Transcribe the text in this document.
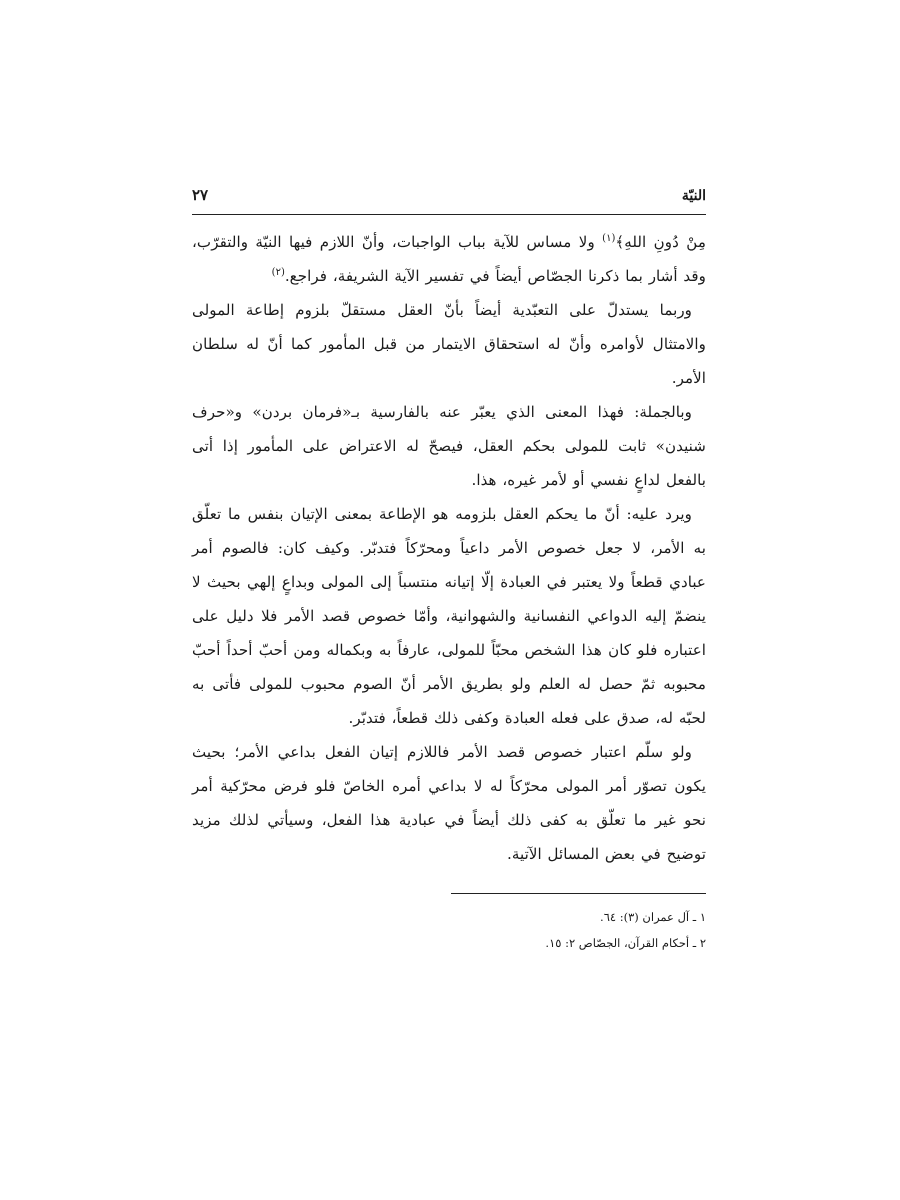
النيّة
٢٧

مِنْ دُونِ اللهِ﴾$^{(١)}$ ولا مساس للآية بباب الواجبات، وأنّ اللازم فيها النيّة والتقرّب، وقد أشار بما ذكرنا الجصّاص أيضاً في تفسير الآية الشريفة، فراجع.$^{(٢)}$

وربما يستدلّ على التعبّدية أيضاً بأنّ العقل مستقلّ بلزوم إطاعة المولى والامتثال لأوامره وأنّ له استحقاق الايتمار من قبل المأمور كما أنّ له سلطان الأمر.

وبالجملة: فهذا المعنى الذي يعبّر عنه بالفارسية بـ«فرمان بردن» و«حرف شنيدن» ثابت للمولى بحكم العقل، فيصحّ له الاعتراض على المأمور إذا أتى بالفعل لداعٍ نفسي أو لأمر غيره، هذا.

ويرد عليه: أنّ ما يحكم العقل بلزومه هو الإطاعة بمعنى الإتيان بنفس ما تعلّق به الأمر، لا جعل خصوص الأمر داعياً ومحرّكاً فتدبّر. وكيف كان: فالصوم أمر عبادي قطعاً ولا يعتبر في العبادة إلّا إتيانه منتسباً إلى المولى وبداعٍ إلهي بحيث لا ينضمّ إليه الدواعي النفسانية والشهوانية، وأمّا خصوص قصد الأمر فلا دليل على اعتباره فلو كان هذا الشخص محبّاً للمولى، عارفاً به وبكماله ومن أحبّ أحداً أحبّ محبوبه ثمّ حصل له العلم ولو بطريق الأمر أنّ الصوم محبوب للمولى فأتى به لحبّه له، صدق على فعله العبادة وكفى ذلك قطعاً، فتدبّر.

ولو سلّم اعتبار خصوص قصد الأمر فاللازم إتيان الفعل بداعي الأمر؛ بحيث يكون تصوّر أمر المولى محرّكاً له لا بداعي أمره الخاصّ فلو فرض محرّكية أمر نحو غير ما تعلّق به كفى ذلك أيضاً في عبادية هذا الفعل، وسيأتي لذلك مزيد توضيح في بعض المسائل الآتية.

١ ـ آل عمران (٣): ٦٤.

٢ ـ أحكام القرآن، الجصّاص ٢: ١٥.
